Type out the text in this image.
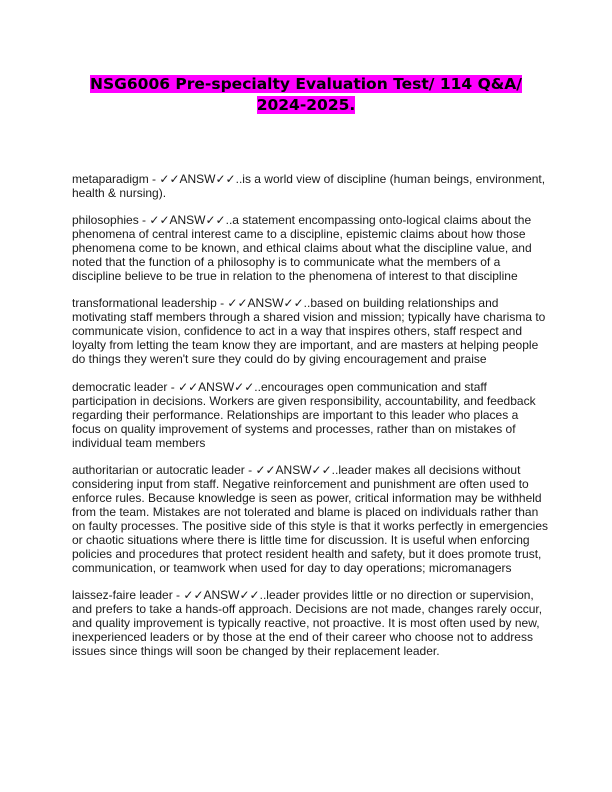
NSG6006 Pre-specialty Evaluation Test/ 114 Q&A/ 2024-2025.

metaparadigm - ✓✓ANSW✓✓..is a world view of discipline (human beings, environment, health & nursing).

philosophies - ✓✓ANSW✓✓..a statement encompassing onto-logical claims about the phenomena of central interest came to a discipline, epistemic claims about how those phenomena come to be known, and ethical claims about what the discipline value, and noted that the function of a philosophy is to communicate what the members of a discipline believe to be true in relation to the phenomena of interest to that discipline

transformational leadership - ✓✓ANSW✓✓..based on building relationships and motivating staff members through a shared vision and mission; typically have charisma to communicate vision, confidence to act in a way that inspires others, staff respect and loyalty from letting the team know they are important, and are masters at helping people do things they weren't sure they could do by giving encouragement and praise

democratic leader - ✓✓ANSW✓✓..encourages open communication and staff participation in decisions. Workers are given responsibility, accountability, and feedback regarding their performance. Relationships are important to this leader who places a focus on quality improvement of systems and processes, rather than on mistakes of individual team members

authoritarian or autocratic leader - ✓✓ANSW✓✓..leader makes all decisions without considering input from staff. Negative reinforcement and punishment are often used to enforce rules. Because knowledge is seen as power, critical information may be withheld from the team. Mistakes are not tolerated and blame is placed on individuals rather than on faulty processes. The positive side of this style is that it works perfectly in emergencies or chaotic situations where there is little time for discussion. It is useful when enforcing policies and procedures that protect resident health and safety, but it does promote trust, communication, or teamwork when used for day to day operations; micromanagers

laissez-faire leader - ✓✓ANSW✓✓..leader provides little or no direction or supervision, and prefers to take a hands-off approach. Decisions are not made, changes rarely occur, and quality improvement is typically reactive, not proactive. It is most often used by new, inexperienced leaders or by those at the end of their career who choose not to address issues since things will soon be changed by their replacement leader.
